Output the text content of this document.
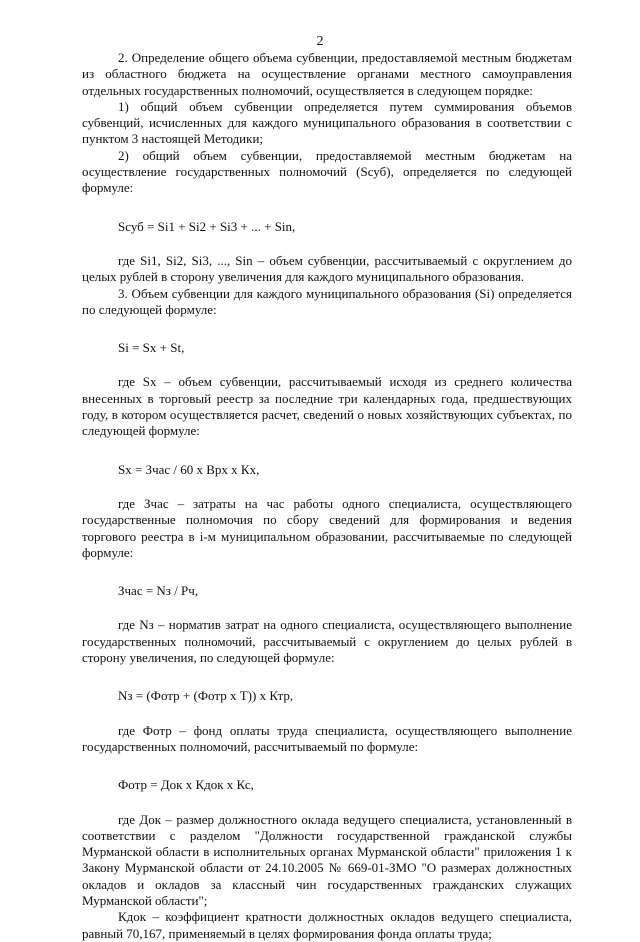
2

2. Определение общего объема субвенции, предоставляемой местным бюджетам из областного бюджета на осуществление органами местного самоуправления отдельных государственных полномочий, осуществляется в следующем порядке:

1) общий объем субвенции определяется путем суммирования объемов субвенций, исчисленных для каждого муниципального образования в соответствии с пунктом 3 настоящей Методики;

2) общий объем субвенции, предоставляемой местным бюджетам на осуществление государственных полномочий (Sсуб), определяется по следующей формуле:

Sсуб = Si1 + Si2 + Si3 + ... + Sin,

где Si1, Si2, Si3, ..., Sin – объем субвенции, рассчитываемый с округлением до целых рублей в сторону увеличения для каждого муниципального образования.

3. Объем субвенции для каждого муниципального образования (Si) определяется по следующей формуле:

Si = Sх + St,

где Sх – объем субвенции, рассчитываемый исходя из среднего количества внесенных в торговый реестр за последние три календарных года, предшествующих году, в котором осуществляется расчет, сведений о новых хозяйствующих субъектах, по следующей формуле:

Sх = Зчас / 60 х Врх х Кх,

где Зчас – затраты на час работы одного специалиста, осуществляющего государственные полномочия по сбору сведений для формирования и ведения торгового реестра в i-м муниципальном образовании, рассчитываемые по следующей формуле:

Зчас = Nз / Рч,

где Nз – норматив затрат на одного специалиста, осуществляющего выполнение государственных полномочий, рассчитываемый с округлением до целых рублей в сторону увеличения, по следующей формуле:

Nз = (Фотр + (Фотр х Т)) х Ктр,

где Фотр – фонд оплаты труда специалиста, осуществляющего выполнение государственных полномочий, рассчитываемый по формуле:

Фотр = Док х Кдок х Кс,

где Док – размер должностного оклада ведущего специалиста, установленный в соответствии с разделом "Должности государственной гражданской службы Мурманской области в исполнительных органах Мурманской области" приложения 1 к Закону Мурманской области от 24.10.2005 № 669-01-ЗМО "О размерах должностных окладов и окладов за классный чин государственных гражданских служащих Мурманской области";

Кдок – коэффициент кратности должностных окладов ведущего специалиста, равный 70,167, применяемый в целях формирования фонда оплаты труда;
